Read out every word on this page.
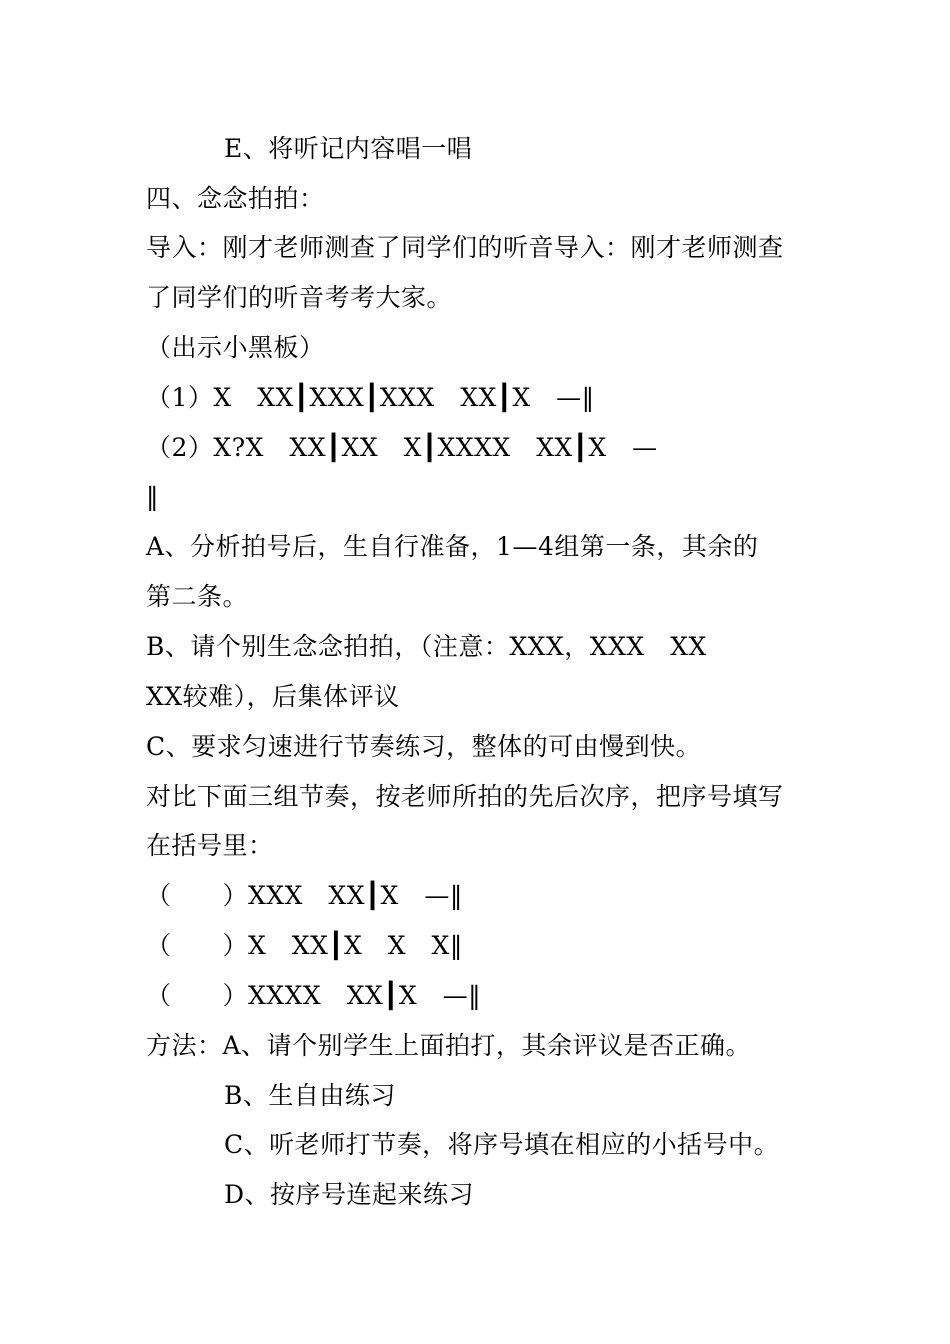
E、将听记内容唱一唱
四、念念拍拍：
导入：刚才老师测查了同学们的听音导入：刚才老师测查
了同学们的听音考考大家。
（出示小黑板）
（1）X　XX┃XXX┃XXX　XX┃X　—‖
（2）X?X　XX┃XX　X┃XXXX　XX┃X　—
‖
A、分析拍号后，生自行准备，1—4组第一条，其余的
第二条。
B、请个别生念念拍拍，（注意：XXX，XXX　XX
XX较难），后集体评议
C、要求匀速进行节奏练习，整体的可由慢到快。
对比下面三组节奏，按老师所拍的先后次序，把序号填写
在括号里：
（　　）XXX　XX┃X　—‖
（　　）X　XX┃X　X　X‖
（　　）XXXX　XX┃X　—‖
方法：A、请个别学生上面拍打，其余评议是否正确。
B、生自由练习
C、听老师打节奏，将序号填在相应的小括号中。
D、按序号连起来练习
